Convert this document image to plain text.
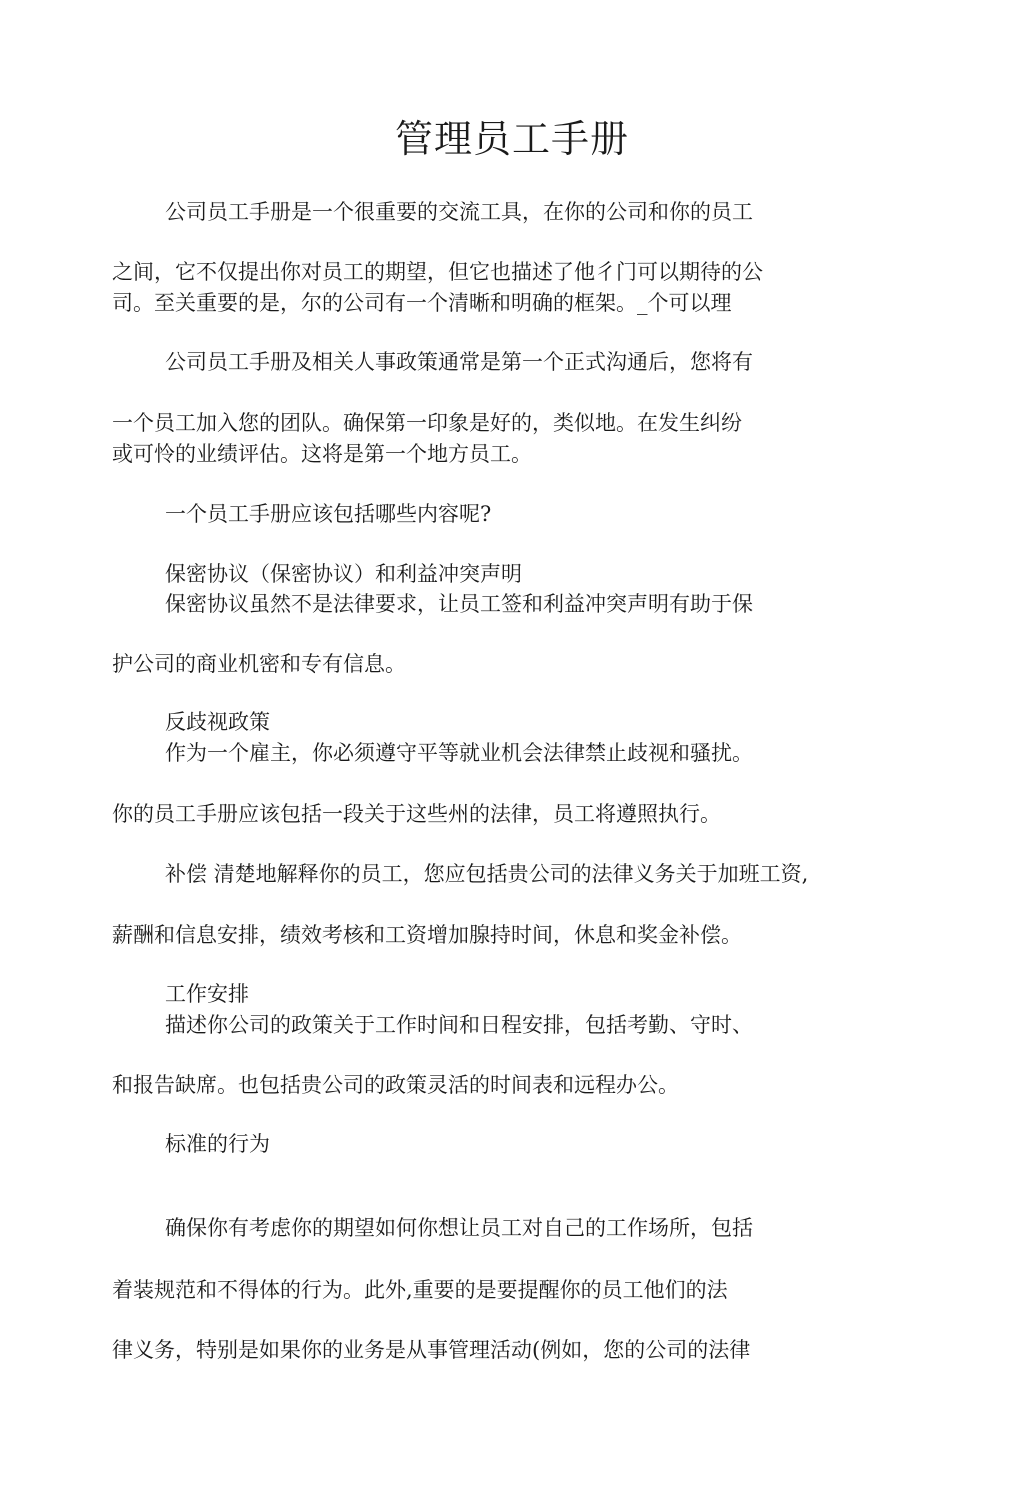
管理员工手册
公司员工手册是一个很重要的交流工具，在你的公司和你的员工
之间，它不仅提出你对员工的期望，但它也描述了他彳门可以期待的公
司。至关重要的是，尔的公司有一个清晰和明确的框架。_个可以理
公司员工手册及相关人事政策通常是第一个正式沟通后，您将有
一个员工加入您的团队。确保第一印象是好的，类似地。在发生纠纷
或可怜的业绩评估。这将是第一个地方员工。
一个员工手册应该包括哪些内容呢?
保密协议（保密协议）和利益冲突声明
保密协议虽然不是法律要求，让员工签和利益冲突声明有助于保
护公司的商业机密和专有信息。
反歧视政策
作为一个雇主，你必须遵守平等就业机会法律禁止歧视和骚扰。
你的员工手册应该包括一段关于这些州的法律，员工将遵照执行。
补偿 清楚地解释你的员工，您应包括贵公司的法律义务关于加班工资,
薪酬和信息安排，绩效考核和工资增加腺持时间，休息和奖金补偿。
工作安排
描述你公司的政策关于工作时间和日程安排，包括考勤、守时、
和报告缺席。也包括贵公司的政策灵活的时间表和远程办公。
标准的行为
确保你有考虑你的期望如何你想让员工对自己的工作场所，包括
着装规范和不得体的行为。此外,重要的是要提醒你的员工他们的法
律义务，特别是如果你的业务是从事管理活动(例如，您的公司的法律
